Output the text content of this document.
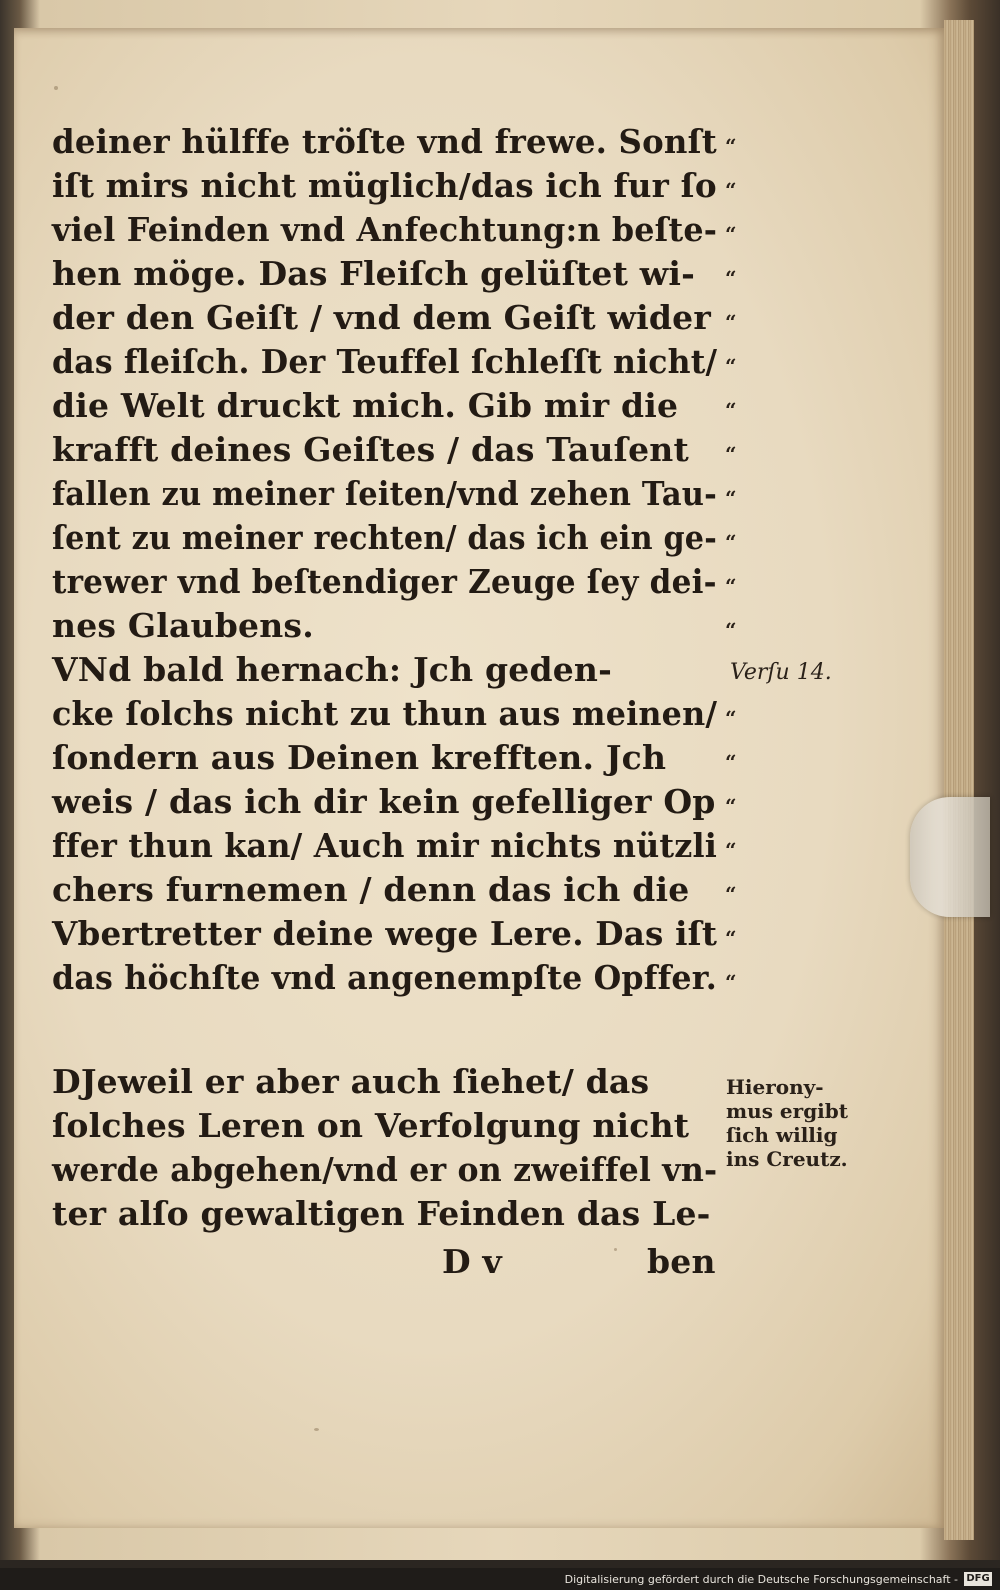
deiner hülffe tröſte vnd frewe. Sonſt
iſt mirs nicht müglich/das ich fur ſo
viel Feinden vnd Anfechtung:n beſte-
hen möge. Das Fleiſch gelüſtet wi-
der den Geiſt / vnd dem Geiſt wider
das fleiſch. Der Teuffel ſchleſſt nicht/
die Welt druckt mich. Gib mir die
krafft deines Geiſtes / das Tauſent
fallen zu meiner ſeiten/vnd zehen Tau-
ſent zu meiner rechten/ das ich ein ge-
trewer vnd beſtendiger Zeuge ſey dei-
nes Glaubens.
VNd bald hernach: Jch geden-
cke ſolchs nicht zu thun aus meinen/
ſondern aus Deinen krefften. Jch
weis / das ich dir kein gefelliger Op
ffer thun kan/ Auch mir nichts nützli
chers furnemen / denn das ich die
Vbertretter deine wege Lere. Das iſt
das höchſte vnd angenempſte Opffer.
DJeweil er aber auch ſiehet/ das
ſolches Leren on Verfolgung nicht
werde abgehen/vnd er on zweiffel vn-
ter alſo gewaltigen Feinden das Le-
D v	ben
“
“
“
“
“
“
“
“
“
“
“
“
“
“
“
“
“
“
“
Verſu 14.
Hierony-
mus ergibt
ſich willig
ins Creutz.
Digitalisierung gefördert durch die Deutsche Forschungsgemeinschaft - DFG
